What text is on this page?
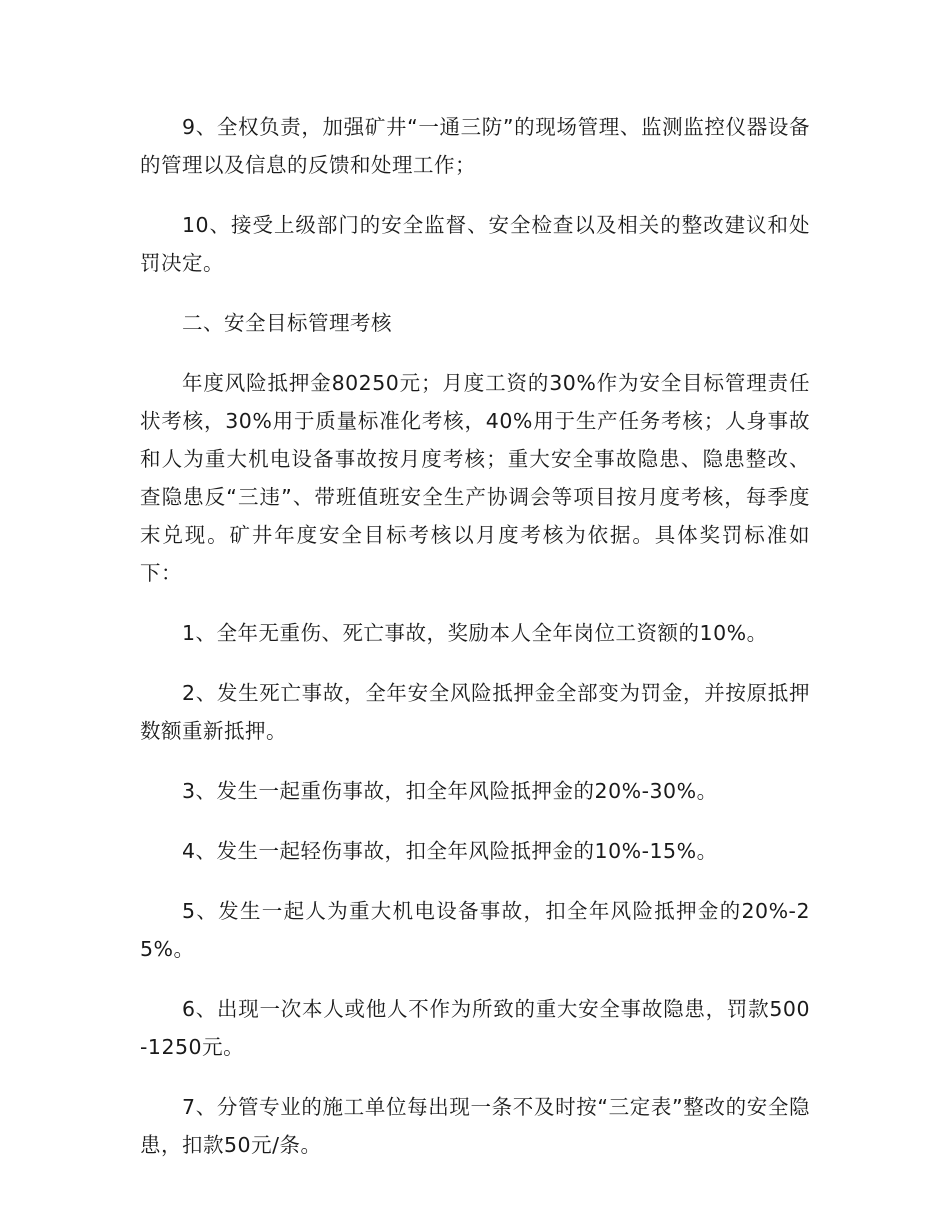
9、全权负责，加强矿井“一通三防”的现场管理、监测监控仪器设备的管理以及信息的反馈和处理工作；

10、接受上级部门的安全监督、安全检查以及相关的整改建议和处罚决定。

二、安全目标管理考核

年度风险抵押金80250元；月度工资的30%作为安全目标管理责任状考核，30%用于质量标准化考核，40%用于生产任务考核；人身事故和人为重大机电设备事故按月度考核；重大安全事故隐患、隐患整改、查隐患反“三违”、带班值班安全生产协调会等项目按月度考核，每季度末兑现。矿井年度安全目标考核以月度考核为依据。具体奖罚标准如下：

1、全年无重伤、死亡事故，奖励本人全年岗位工资额的10%。

2、发生死亡事故，全年安全风险抵押金全部变为罚金，并按原抵押数额重新抵押。

3、发生一起重伤事故，扣全年风险抵押金的20%-30%。

4、发生一起轻伤事故，扣全年风险抵押金的10%-15%。

5、发生一起人为重大机电设备事故，扣全年风险抵押金的20%-25%。

6、出现一次本人或他人不作为所致的重大安全事故隐患，罚款500-1250元。

7、分管专业的施工单位每出现一条不及时按“三定表”整改的安全隐患，扣款50元/条。
